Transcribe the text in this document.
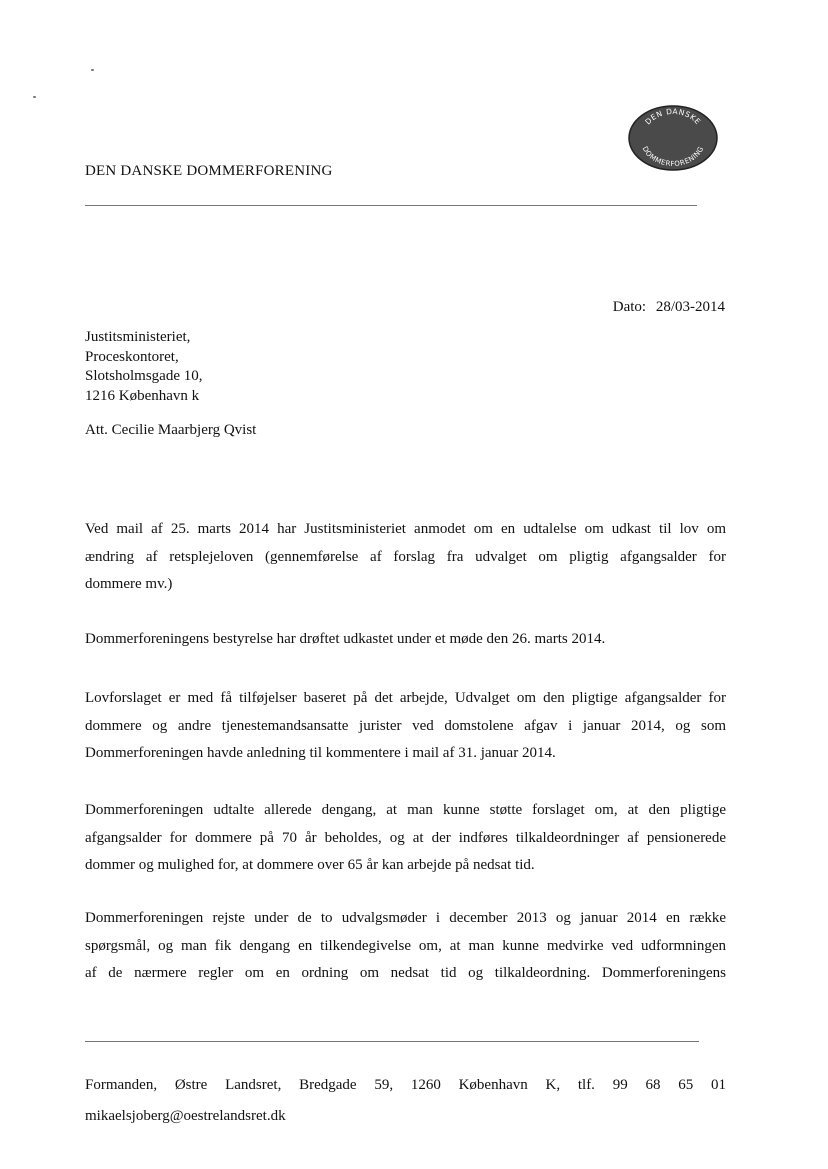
DEN DANSKE DOMMERFORENING
DEN DANSKE
DOMMERFORENING
Dato: 28/03-2014
Justitsministeriet,
Proceskontoret,
Slotsholmsgade 10,
1216 København k
Att. Cecilie Maarbjerg Qvist

Ved mail af 25. marts 2014 har Justitsministeriet anmodet om en udtalelse om udkast til lov om

ændring af retsplejeloven (gennemførelse af forslag fra udvalget om pligtig afgangsalder for

dommere mv.)

Dommerforeningens bestyrelse har drøftet udkastet under et møde den 26. marts 2014.

Lovforslaget er med få tilføjelser baseret på det arbejde, Udvalget om den pligtige afgangsalder for

dommere og andre tjenestemandsansatte jurister ved domstolene afgav i januar 2014, og som

Dommerforeningen havde anledning til kommentere i mail af 31. januar 2014.

Dommerforeningen udtalte allerede dengang, at man kunne støtte forslaget om, at den pligtige

afgangsalder for dommere på 70 år beholdes, og at der indføres tilkaldeordninger af pensionerede

dommer og mulighed for, at dommere over 65 år kan arbejde på nedsat tid.

Dommerforeningen rejste under de to udvalgsmøder i december 2013 og januar 2014 en række

spørgsmål, og man fik dengang en tilkendegivelse om, at man kunne medvirke ved udformningen

af de nærmere regler om en ordning om nedsat tid og tilkaldeordning. Dommerforeningens

Formanden, Østre Landsret, Bredgade 59, 1260 København K, tlf. 99 68 65 01
mikaelsjoberg@oestrelandsret.dk
